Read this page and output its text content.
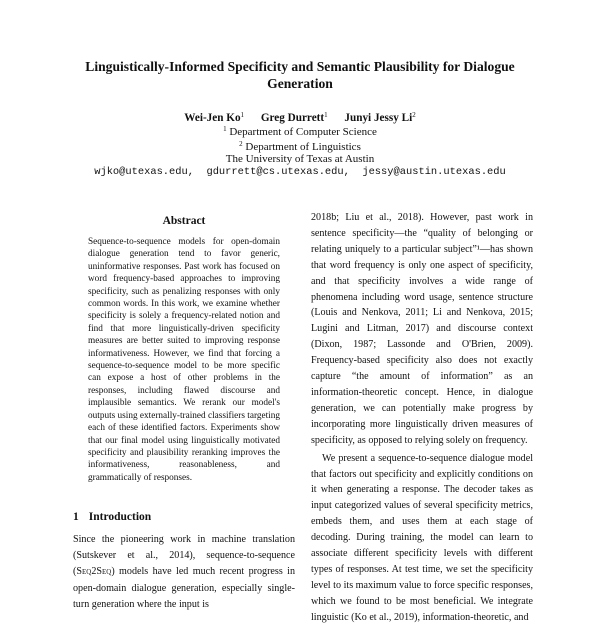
Linguistically-Informed Specificity and Semantic Plausibility for Dialogue Generation
Wei-Jen Ko$^1$ Greg Durrett$^1$ Junyi Jessy Li$^2$
$^1$ Department of Computer Science
$^2$ Department of Linguistics
The University of Texas at Austin
wjko@utexas.edu,  gdurrett@cs.utexas.edu,  jessy@austin.utexas.edu
Abstract
Sequence-to-sequence models for open-domain dialogue generation tend to favor generic, uninformative responses. Past work has focused on word frequency-based approaches to improving specificity, such as penalizing responses with only common words. In this work, we examine whether specificity is solely a frequency-related notion and find that more linguistically-driven specificity measures are better suited to improving response informativeness. However, we find that forcing a sequence-to-sequence model to be more specific can expose a host of other problems in the responses, including flawed discourse and implausible semantics. We rerank our model's outputs using externally-trained classifiers targeting each of these identified factors. Experiments show that our final model using linguistically motivated specificity and plausibility reranking improves the informativeness, reasonableness, and grammatically of responses.
1 Introduction
Since the pioneering work in machine translation (Sutskever et al., 2014), sequence-to-sequence (Seq2Seq) models have led much recent progress in open-domain dialogue generation, especially single-turn generation where the input is

2018b; Liu et al., 2018). However, past work in sentence specificity—the “quality of belonging or relating uniquely to a particular subject”¹—has shown that word frequency is only one aspect of specificity, and that specificity involves a wide range of phenomena including word usage, sentence structure (Louis and Nenkova, 2011; Li and Nenkova, 2015; Lugini and Litman, 2017) and discourse context (Dixon, 1987; Lassonde and O'Brien, 2009). Frequency-based specificity also does not exactly capture “the amount of information” as an information-theoretic concept. Hence, in dialogue generation, we can potentially make progress by incorporating more linguistically driven measures of specificity, as opposed to relying solely on frequency.

We present a sequence-to-sequence dialogue model that factors out specificity and explicitly conditions on it when generating a response. The decoder takes as input categorized values of several specificity metrics, embeds them, and uses them at each stage of decoding. During training, the model can learn to associate different specificity levels with different types of responses. At test time, we set the specificity level to its maximum value to force specific responses, which we found to be most beneficial. We integrate linguistic (Ko et al., 2019), information-theoretic, and
